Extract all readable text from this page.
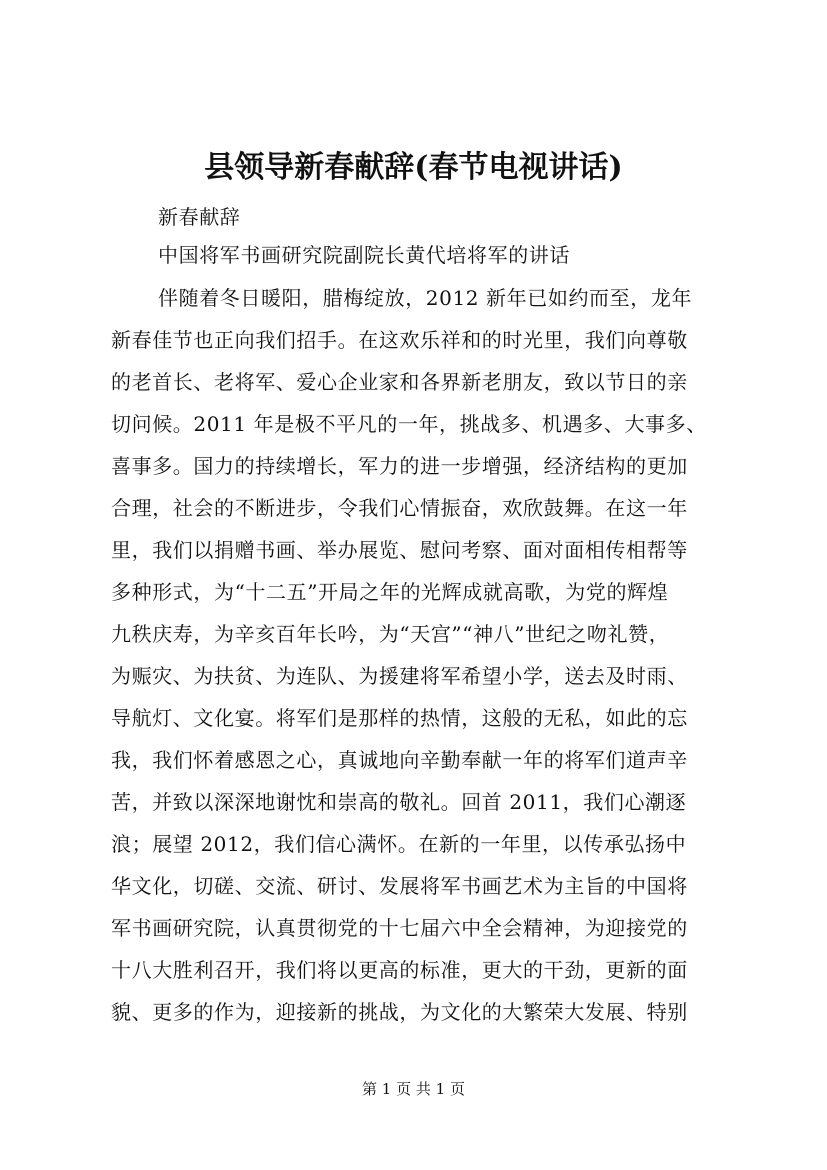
县领导新春献辞(春节电视讲话)
新春献辞
中国将军书画研究院副院长黄代培将军的讲话
伴随着冬日暖阳，腊梅绽放，2012 新年已如约而至，龙年
新春佳节也正向我们招手。在这欢乐祥和的时光里，我们向尊敬
的老首长、老将军、爱心企业家和各界新老朋友，致以节日的亲
切问候。2011 年是极不平凡的一年，挑战多、机遇多、大事多、
喜事多。国力的持续增长，军力的进一步增强，经济结构的更加
合理，社会的不断进步，令我们心情振奋，欢欣鼓舞。在这一年
里，我们以捐赠书画、举办展览、慰问考察、面对面相传相帮等
多种形式，为“十二五”开局之年的光辉成就高歌，为党的辉煌
九秩庆寿，为辛亥百年长吟，为“天宫”“神八”世纪之吻礼赞，
为赈灾、为扶贫、为连队、为援建将军希望小学，送去及时雨、
导航灯、文化宴。将军们是那样的热情，这般的无私，如此的忘
我，我们怀着感恩之心，真诚地向辛勤奉献一年的将军们道声辛
苦，并致以深深地谢忱和崇高的敬礼。回首 2011，我们心潮逐
浪；展望 2012，我们信心满怀。在新的一年里，以传承弘扬中
华文化，切磋、交流、研讨、发展将军书画艺术为主旨的中国将
军书画研究院，认真贯彻党的十七届六中全会精神，为迎接党的
十八大胜利召开，我们将以更高的标准，更大的干劲，更新的面
貌、更多的作为，迎接新的挑战，为文化的大繁荣大发展、特别
第 1 页 共 1 页
